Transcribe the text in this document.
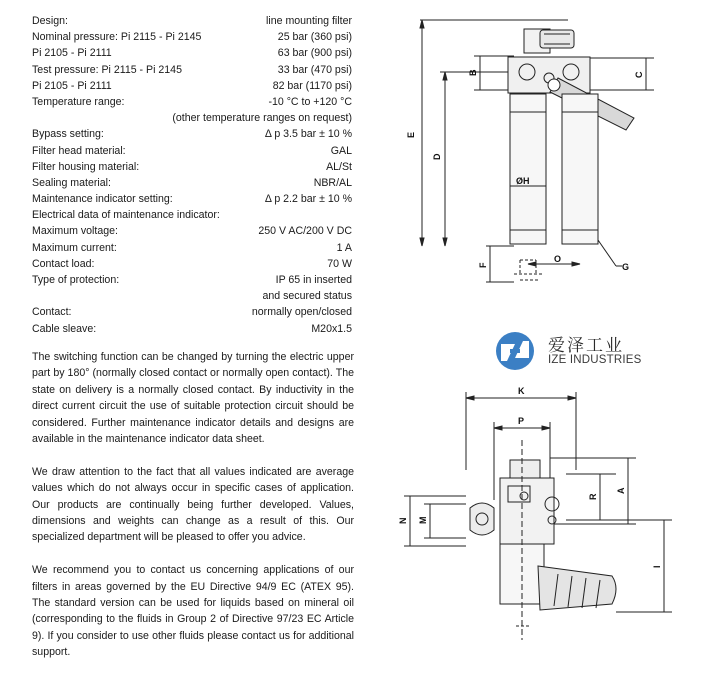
Design:	line mounting filter
Nominal pressure: Pi 2115 - Pi 2145	25 bar (360 psi)
Pi 2105 - Pi 2111	63 bar (900 psi)
Test pressure: Pi 2115 - Pi 2145	33 bar (470 psi)
Pi 2105 - Pi 2111	82 bar (1170 psi)
Temperature range:	-10 °C to +120 °C
(other temperature ranges on request)
Bypass setting:	Δ p 3.5 bar ± 10 %
Filter head material:	GAL
Filter housing material:	AL/St
Sealing material:	NBR/AL
Maintenance indicator setting:	Δ p 2.2 bar ± 10 %
Electrical data of maintenance indicator:
Maximum voltage:	250 V AC/200 V DC
Maximum current:	1 A
Contact load:	70 W
Type of protection:	IP 65 in inserted
and secured status
Contact:	normally open/closed
Cable sleave:	M20x1.5

The switching function can be changed by turning the electric upper part by 180° (normally closed contact or normally open contact). The state on delivery is a normally closed contact. By inductivity in the direct current circuit the use of suitable protection circuit should be considered. Further maintenance indicator details and designs are available in the maintenance indicator data sheet.

We draw attention to the fact that all values indicated are average values which do not always occur in specific cases of application. Our products are continually being further developed. Values, dimensions and weights can change as a result of this. Our specialized department will be pleased to offer you advice.

We recommend you to contact us concerning applications of our filters in areas governed by the EU Directive 94/9 EC (ATEX 95). The standard version can be used for liquids based on mineral oil (corresponding to the fluids in Group 2 of Directive 97/23 EC Article 9). If you consider to use other fluids please contact us for additional support.

爱泽工业
IZE INDUSTRIES
E
D
B	C
ØH
F
O
G
K
P
A
R
N M
I
